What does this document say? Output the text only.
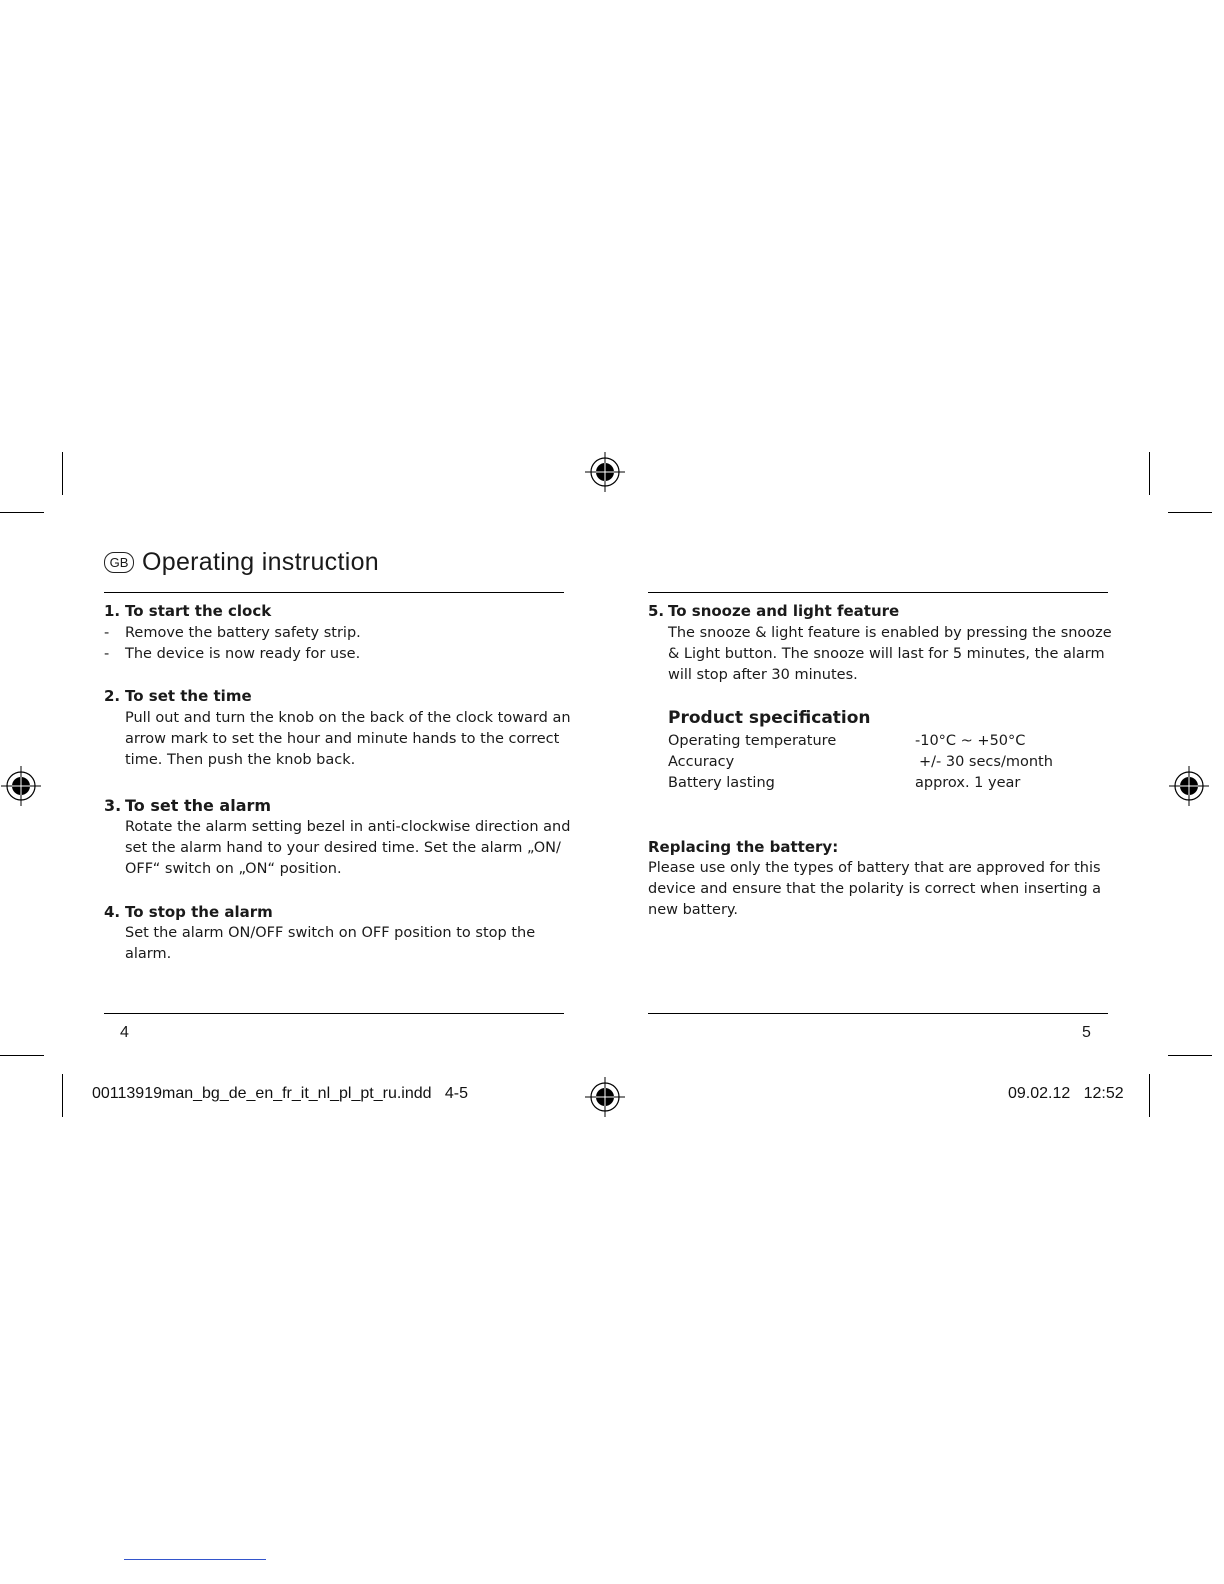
GB Operating instruction
1. To start the clock
- Remove the battery safety strip.
- The device is now ready for use.
2. To set the time
Pull out and turn the knob on the back of the clock toward an
arrow mark to set the hour and minute hands to the correct
time. Then push the knob back.
3. To set the alarm
Rotate the alarm setting bezel in anti-clockwise direction and
set the alarm hand to your desired time. Set the alarm „ON/
OFF“ switch on „ON“ position.
4. To stop the alarm
Set the alarm ON/OFF switch on OFF position to stop the
alarm.
5. To snooze and light feature
The snooze & light feature is enabled by pressing the snooze
& Light button. The snooze will last for 5 minutes, the alarm
will stop after 30 minutes.
Product specification
Operating temperature	-10°C ~ +50°C
Accuracy	+/- 30 secs/month
Battery lasting	approx. 1 year
Replacing the battery:
Please use only the types of battery that are approved for this
device and ensure that the polarity is correct when inserting a
new battery.
4	5
00113919man_bg_de_en_fr_it_nl_pl_pt_ru.indd   4-5	09.02.12   12:52
